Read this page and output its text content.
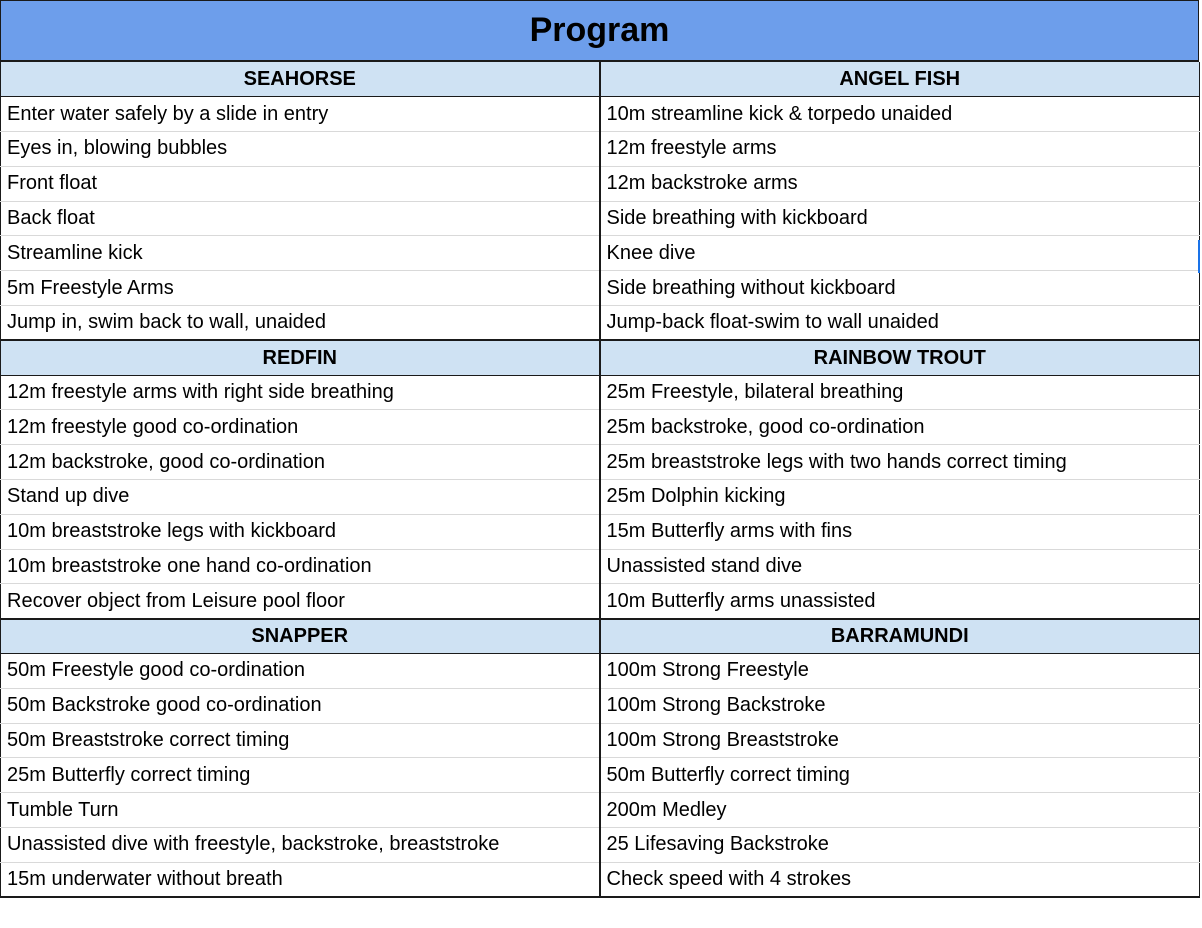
Program
SEAHORSE	ANGEL FISH
Enter water safely by a slide in entry	10m streamline kick & torpedo unaided
Eyes in, blowing bubbles	12m freestyle arms
Front float	12m backstroke arms
Back float	Side breathing with kickboard
Streamline kick	Knee dive
5m Freestyle Arms	Side breathing without kickboard
Jump in, swim back to wall, unaided	Jump-back float-swim to wall unaided
REDFIN	RAINBOW TROUT
12m freestyle arms with right side breathing	25m Freestyle, bilateral breathing
12m freestyle good co-ordination	25m backstroke, good co-ordination
12m backstroke, good co-ordination	25m breaststroke legs with two hands correct timing
Stand up dive	25m Dolphin kicking
10m breaststroke legs with kickboard	15m Butterfly arms with fins
10m breaststroke one hand co-ordination	Unassisted stand dive
Recover object from Leisure pool floor	10m Butterfly arms unassisted
SNAPPER	BARRAMUNDI
50m Freestyle good co-ordination	100m Strong Freestyle
50m Backstroke good co-ordination	100m Strong Backstroke
50m Breaststroke correct timing	100m Strong Breaststroke
25m Butterfly correct timing	50m Butterfly correct timing
Tumble Turn	200m Medley
Unassisted dive with freestyle, backstroke, breaststroke	25 Lifesaving Backstroke
15m underwater without breath	Check speed with 4 strokes
